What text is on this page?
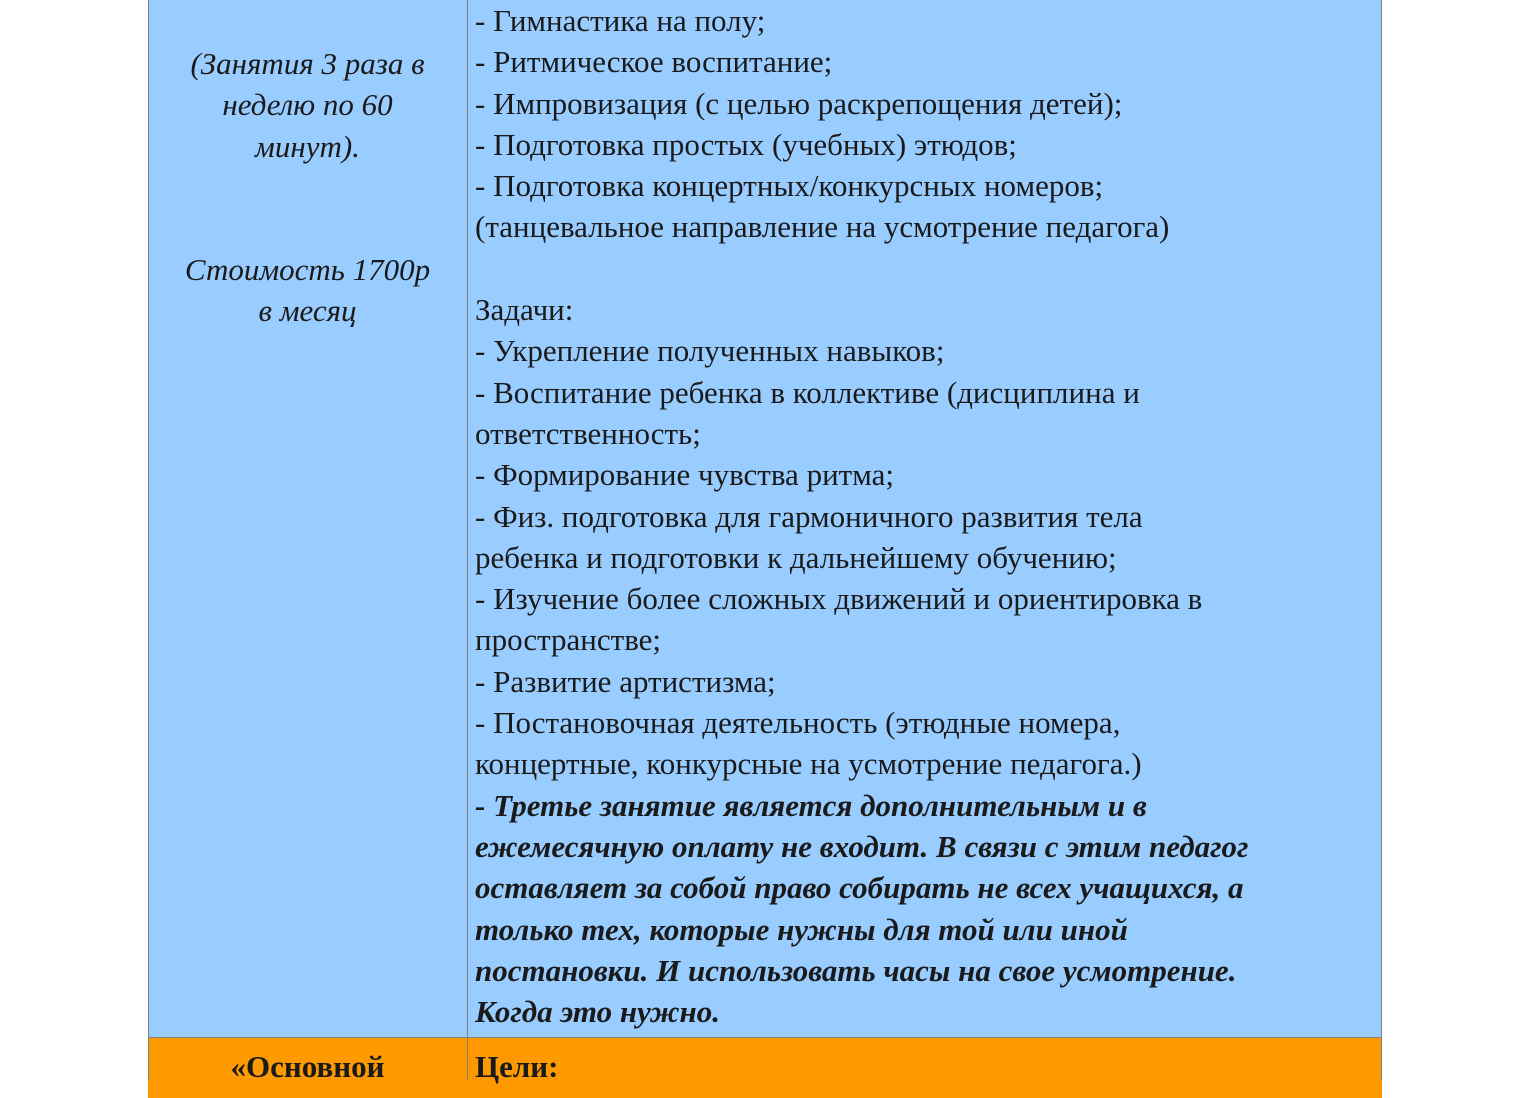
(Занятия 3 раза в
неделю по 60
минут).
Стоимость 1700р
в месяц
- Гимнастика на полу;
- Ритмическое воспитание;
- Импровизация (с целью раскрепощения детей);
- Подготовка простых (учебных) этюдов;
- Подготовка концертных/конкурсных номеров;
(танцевальное направление на усмотрение педагога)
Задачи:
- Укрепление полученных навыков;
- Воспитание ребенка в коллективе (дисциплина и
ответственность;
- Формирование чувства ритма;
- Физ. подготовка для гармоничного развития тела
ребенка и подготовки к дальнейшему обучению;
- Изучение более сложных движений и ориентировка в
пространстве;
- Развитие артистизма;
- Постановочная деятельность (этюдные номера,
концертные, конкурсные на усмотрение педагога.)
- Третье занятие является дополнительным и в
ежемесячную оплату не входит. В связи с этим педагог
оставляет за собой право собирать не всех учащихся, а
только тех, которые нужны для той или иной
постановки. И использовать часы на свое усмотрение.
Когда это нужно.
«Основной	Цели:
